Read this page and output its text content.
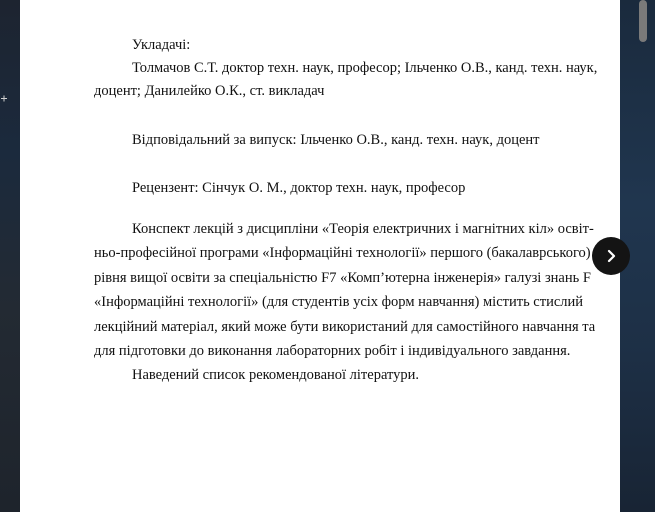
Укладачі:
Толмачов С.Т. доктор техн. наук, професор; Ільченко О.В., канд. техн. наук,
доцент; Данилейко О.К., ст. викладач
Відповідальний за випуск: Ільченко О.В., канд. техн. наук, доцент
Рецензент: Сінчук О. М., доктор техн. наук, професор
Конспект лекцій з дисципліни «Теорія електричних і магнітних кіл» освіт-
ньо-професійної програми «Інформаційні технології» першого (бакалаврського)
рівня вищої освіти за спеціальністю F7 «Комп’ютерна інженерія» галузі знань F
«Інформаційні технології» (для студентів усіх форм навчання) містить стислий
лекційний матеріал, який може бути використаний для самостійного навчання та
для підготовки до виконання лабораторних робіт і індивідуального завдання.
Наведений список рекомендованої літератури.
